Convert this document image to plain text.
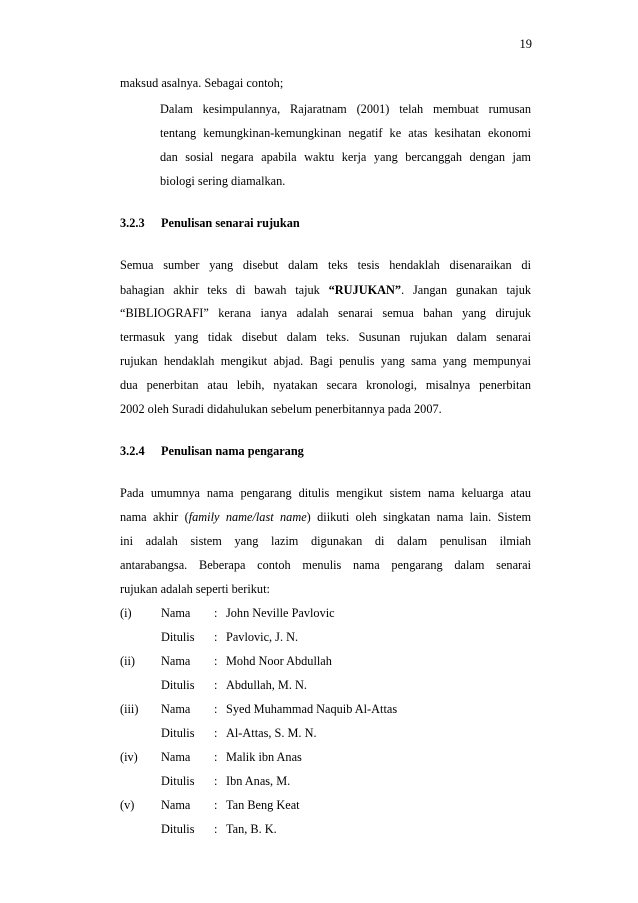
19
maksud asalnya. Sebagai contoh;
Dalam kesimpulannya, Rajaratnam (2001) telah membuat rumusan
tentang kemungkinan-kemungkinan negatif ke atas kesihatan ekonomi
dan sosial negara apabila waktu kerja yang bercanggah dengan jam
biologi sering diamalkan.
3.2.3 Penulisan senarai rujukan
Semua sumber yang disebut dalam teks tesis hendaklah disenaraikan di
bahagian akhir teks di bawah tajuk “RUJUKAN”. Jangan gunakan tajuk
“BIBLIOGRAFI” kerana ianya adalah senarai semua bahan yang dirujuk
termasuk yang tidak disebut dalam teks. Susunan rujukan dalam senarai
rujukan hendaklah mengikut abjad. Bagi penulis yang sama yang mempunyai
dua penerbitan atau lebih, nyatakan secara kronologi, misalnya penerbitan
2002 oleh Suradi didahulukan sebelum penerbitannya pada 2007.
3.2.4 Penulisan nama pengarang
Pada umumnya nama pengarang ditulis mengikut sistem nama keluarga atau
nama akhir (family name/last name) diikuti oleh singkatan nama lain. Sistem
ini adalah sistem yang lazim digunakan di dalam penulisan ilmiah
antarabangsa. Beberapa contoh menulis nama pengarang dalam senarai
rujukan adalah seperti berikut:
(i) Nama : John Neville Pavlovic
Ditulis : Pavlovic, J. N.
(ii) Nama : Mohd Noor Abdullah
Ditulis : Abdullah, M. N.
(iii) Nama : Syed Muhammad Naquib Al-Attas
Ditulis : Al-Attas, S. M. N.
(iv) Nama : Malik ibn Anas
Ditulis : Ibn Anas, M.
(v) Nama : Tan Beng Keat
Ditulis : Tan, B. K.
